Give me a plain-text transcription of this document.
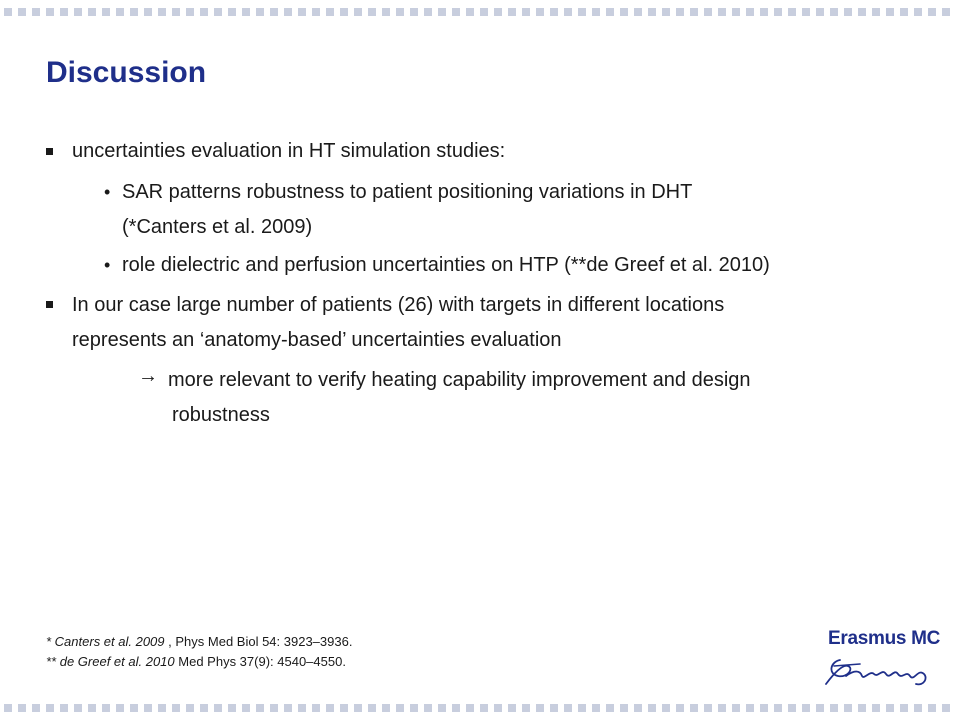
Discussion
uncertainties evaluation in HT simulation studies:
• SAR patterns robustness to patient positioning variations in DHT
(*Canters et al. 2009)
• role dielectric and perfusion uncertainties on HTP (**de Greef et al. 2010)
In our case large number of patients (26) with targets in different locations
represents an ‘anatomy-based’ uncertainties evaluation
→ more relevant to verify heating capability improvement and design
robustness
* Canters et al. 2009 , Phys Med Biol 54: 3923–3936.
** de Greef et al. 2010 Med Phys 37(9): 4540–4550.
Erasmus MC
